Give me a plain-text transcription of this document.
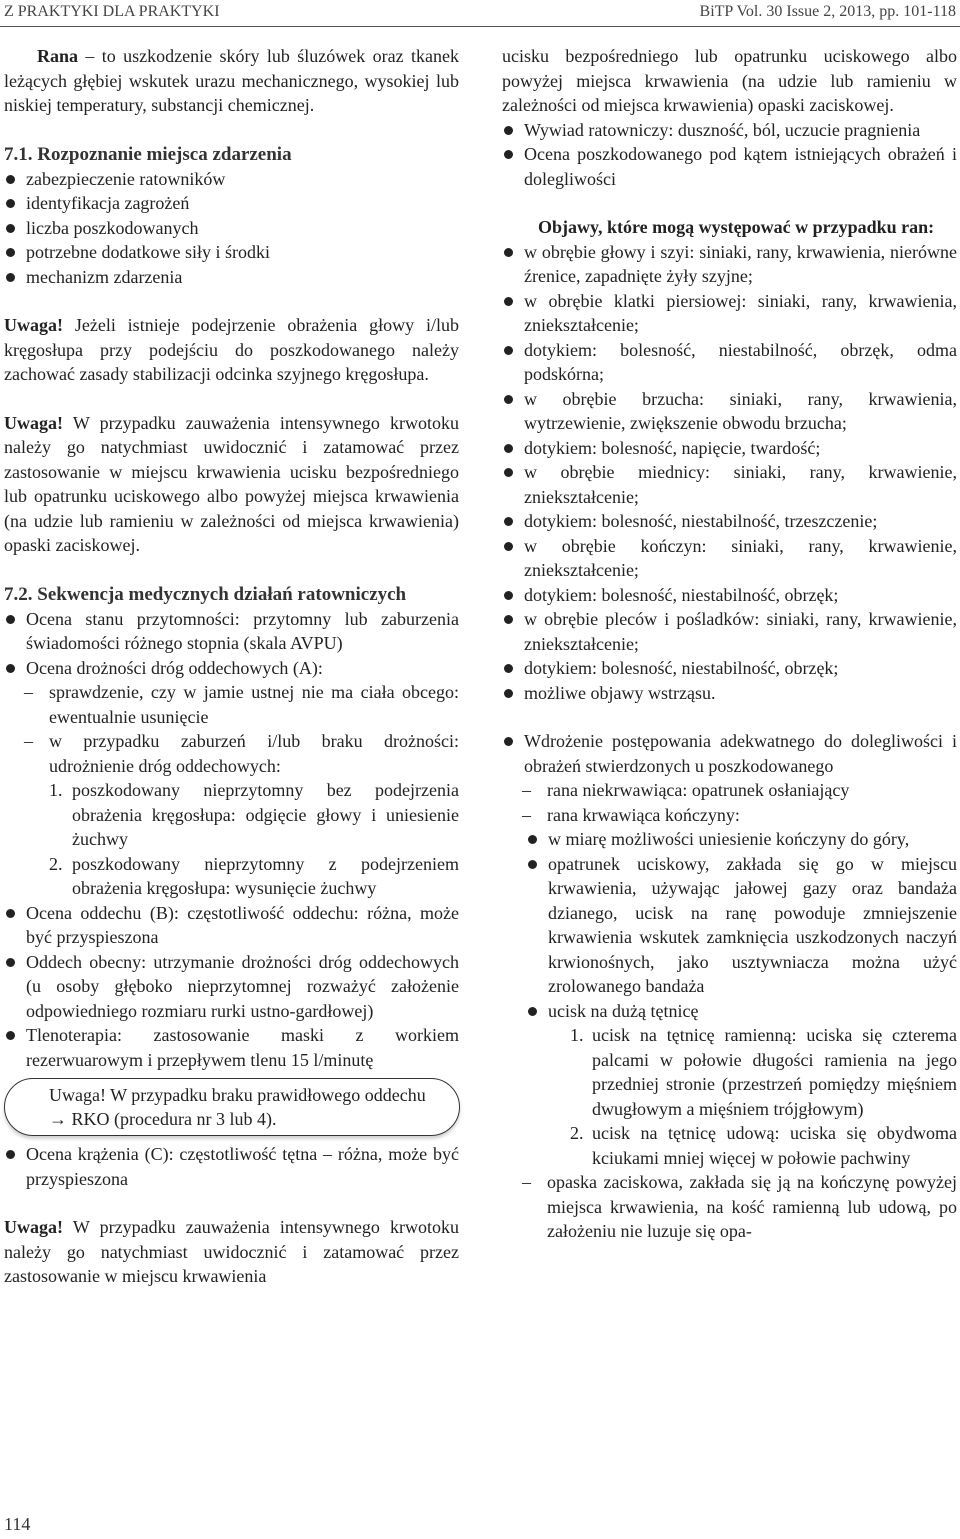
Z PRAKTYKI DLA PRAKTYKI	BiTP Vol. 30 Issue 2, 2013, pp. 101-118

Rana – to uszkodzenie skóry lub śluzówek oraz tkanek leżących głębiej wskutek urazu mechanicznego, wysokiej lub niskiej temperatury, substancji chemicznej.

7.1. Rozpoznanie miejsca zdarzenia
zabezpieczenie ratowników
identyfikacja zagrożeń
liczba poszkodowanych
potrzebne dodatkowe siły i środki
mechanizm zdarzenia

Uwaga! Jeżeli istnieje podejrzenie obrażenia głowy i/lub kręgosłupa przy podejściu do poszkodowanego należy zachować zasady stabilizacji odcinka szyjnego kręgosłupa.

Uwaga! W przypadku zauważenia intensywnego krwotoku należy go natychmiast uwidocznić i zatamować przez zastosowanie w miejscu krwawienia ucisku bezpośredniego lub opatrunku uciskowego albo powyżej miejsca krwawienia (na udzie lub ramieniu w zależności od miejsca krwawienia) opaski zaciskowej.

7.2. Sekwencja medycznych działań ratowniczych
Ocena stanu przytomności: przytomny lub zaburzenia świadomości różnego stopnia (skala AVPU)
Ocena drożności dróg oddechowych (A):
– sprawdzenie, czy w jamie ustnej nie ma ciała obcego: ewentualnie usunięcie
– w przypadku zaburzeń i/lub braku drożności: udrożnienie dróg oddechowych:
1. poszkodowany nieprzytomny bez podejrzenia obrażenia kręgosłupa: odgięcie głowy i uniesienie żuchwy
2. poszkodowany nieprzytomny z podejrzeniem obrażenia kręgosłupa: wysunięcie żuchwy
Ocena oddechu (B): częstotliwość oddechu: różna, może być przyspieszona
Oddech obecny: utrzymanie drożności dróg oddechowych (u osoby głęboko nieprzytomnej rozważyć założenie odpowiedniego rozmiaru rurki ustno-gardłowej)
Tlenoterapia: zastosowanie maski z workiem rezerwuarowym i przepływem tlenu 15 l/minutę
Uwaga! W przypadku braku prawidłowego oddechu → RKO (procedura nr 3 lub 4).
Ocena krążenia (C): częstotliwość tętna – różna, może być przyspieszona

Uwaga! W przypadku zauważenia intensywnego krwotoku należy go natychmiast uwidocznić i zatamować przez zastosowanie w miejscu krwawienia

ucisku bezpośredniego lub opatrunku uciskowego albo powyżej miejsca krwawienia (na udzie lub ramieniu w zależności od miejsca krwawienia) opaski zaciskowej.

Wywiad ratowniczy: duszność, ból, uczucie pragnienia
Ocena poszkodowanego pod kątem istniejących obrażeń i dolegliwości

Objawy, które mogą występować w przypadku ran:

w obrębie głowy i szyi: siniaki, rany, krwawienia, nierówne źrenice, zapadnięte żyły szyjne;
w obrębie klatki piersiowej: siniaki, rany, krwawienia, zniekształcenie;
dotykiem: bolesność, niestabilność, obrzęk, odma podskórna;
w obrębie brzucha: siniaki, rany, krwawienia, wytrzewienie, zwiększenie obwodu brzucha;
dotykiem: bolesność, napięcie, twardość;
w obrębie miednicy: siniaki, rany, krwawienie, zniekształcenie;
dotykiem: bolesność, niestabilność, trzeszczenie;
w obrębie kończyn: siniaki, rany, krwawienie, zniekształcenie;
dotykiem: bolesność, niestabilność, obrzęk;
w obrębie pleców i pośladków: siniaki, rany, krwawienie, zniekształcenie;
dotykiem: bolesność, niestabilność, obrzęk;
możliwe objawy wstrząsu.
Wdrożenie postępowania adekwatnego do dolegliwości i obrażeń stwierdzonych u poszkodowanego
– rana niekrwawiąca: opatrunek osłaniający
– rana krwawiąca kończyny:
w miarę możliwości uniesienie kończyny do góry,
opatrunek uciskowy, zakłada się go w miejscu krwawienia, używając jałowej gazy oraz bandaża dzianego, ucisk na ranę powoduje zmniejszenie krwawienia wskutek zamknięcia uszkodzonych naczyń krwionośnych, jako usztywniacza można użyć zrolowanego bandaża
ucisk na dużą tętnicę
1. ucisk na tętnicę ramienną: uciska się czterema palcami w połowie długości ramienia na jego przedniej stronie (przestrzeń pomiędzy mięśniem dwugłowym a mięśniem trójgłowym)
2. ucisk na tętnicę udową: uciska się obydwoma kciukami mniej więcej w połowie pachwiny
– opaska zaciskowa, zakłada się ją na kończynę powyżej miejsca krwawienia, na kość ramienną lub udową, po założeniu nie luzuje się opa-
114
